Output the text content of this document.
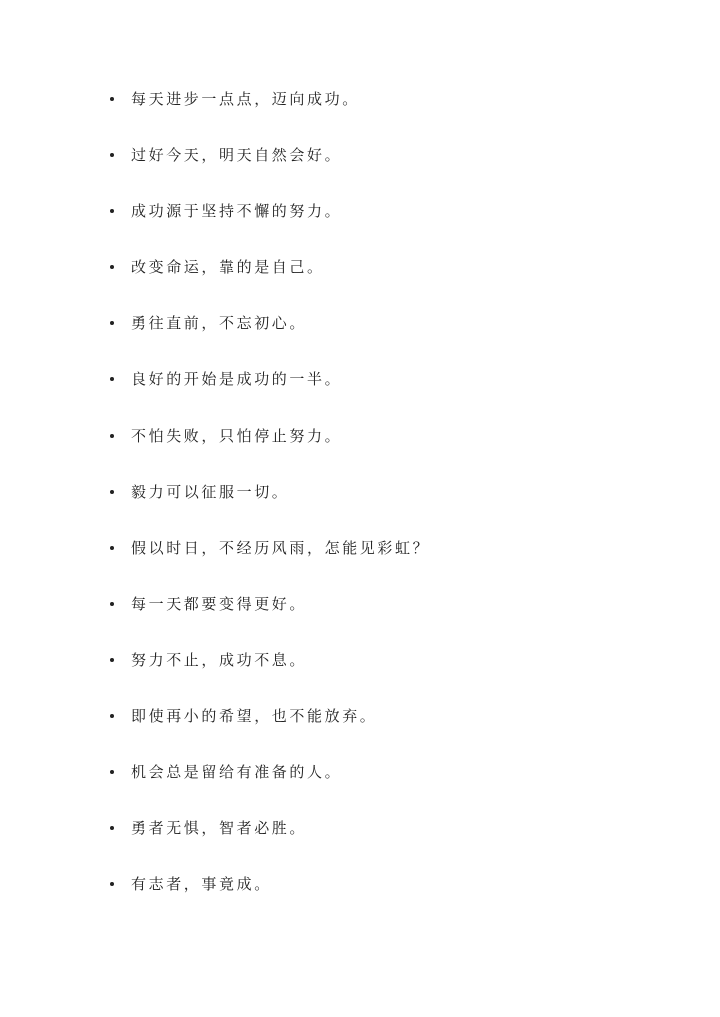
每天进步一点点，迈向成功。
过好今天，明天自然会好。
成功源于坚持不懈的努力。
改变命运，靠的是自己。
勇往直前，不忘初心。
良好的开始是成功的一半。
不怕失败，只怕停止努力。
毅力可以征服一切。
假以时日，不经历风雨，怎能见彩虹？
每一天都要变得更好。
努力不止，成功不息。
即使再小的希望，也不能放弃。
机会总是留给有准备的人。
勇者无惧，智者必胜。
有志者，事竟成。
